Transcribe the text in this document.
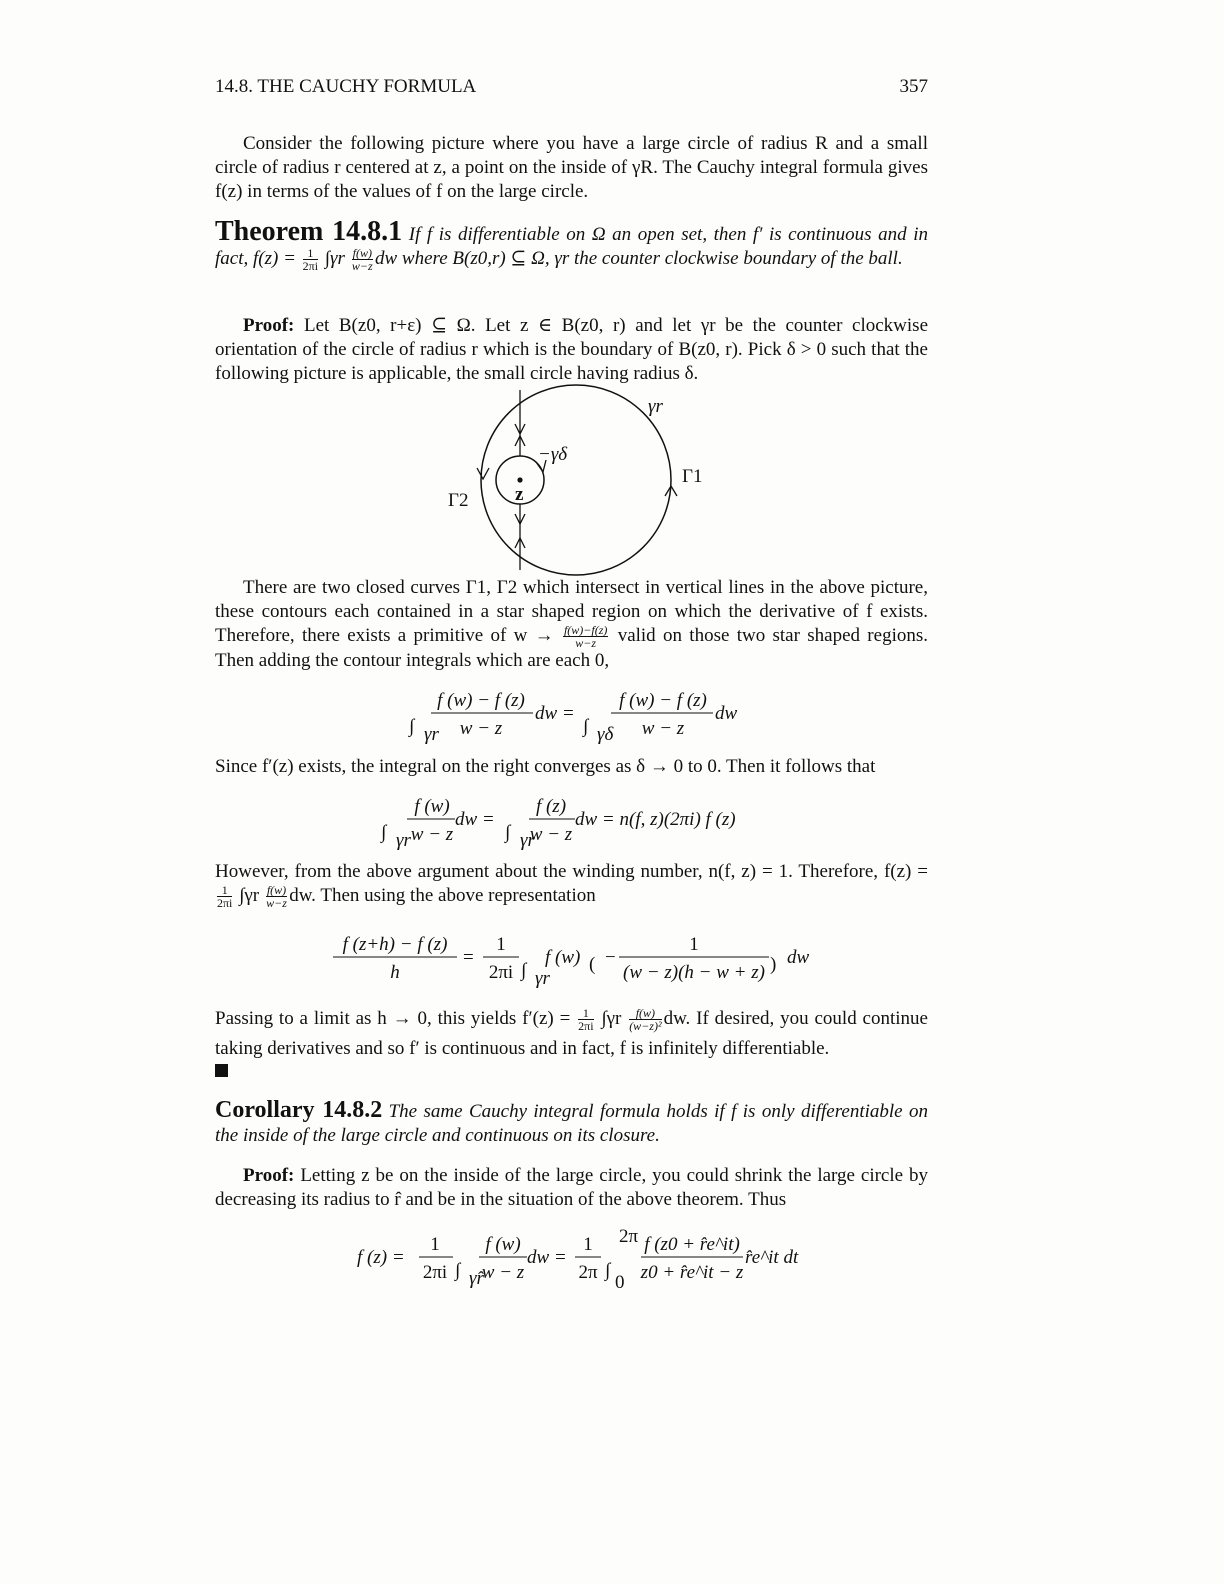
14.8. THE CAUCHY FORMULA	357

Consider the following picture where you have a large circle of radius R and a small circle of radius r centered at z, a point on the inside of γR. The Cauchy integral formula gives f(z) in terms of the values of f on the large circle.

Theorem 14.8.1 If f is differentiable on Ω an open set, then f′ is continuous and in fact, $f(z) = \frac{1}{2\pi i} \int\gamma r \frac{f(w)}{w-z}$ dw where B(z0,r) ⊆ Ω, γr the counter clockwise boundary of the ball.

Proof: Let B(z0, r+ε) ⊆ Ω. Let z ∈ B(z0, r) and let γr be the counter clockwise orientation of the circle of radius r which is the boundary of B(z0, r). Pick δ > 0 such that the following picture is applicable, the small circle having radius δ.

γr
−γδ
Γ1
Γ2 z

There are two closed curves Γ1, Γ2 which intersect in vertical lines in the above picture, these contours each contained in a star shaped region on which the derivative of f exists. Therefore, there exists a primitive of $w \to \frac{f(w)-f(z)}{w-z}$ valid on those two star shaped regions. Then adding the contour integrals which are each 0,

∫ γr
f (w) − f (z)
w − z
dw =
∫ γδ
f (w) − f (z)
w − z
dw

Since f′(z) exists, the integral on the right converges as δ → 0 to 0. Then it follows that

∫ γr
f (w)
w − z
dw =
∫ γr
f (z)
w − z
dw = n(f, z)(2πi) f (z)

However, from the above argument about the winding number, n(f, z) = 1. Therefore, f(z) =
$\frac{1}{2\pi i} \int\gamma r \frac{f(w)}{w-z}$ dw. Then using the above representation

f (z+h) − f (z)
h
=
1
2πi ∫ γr
f (w) ( −
1
(w − z)(h − w + z) ) dw

Passing to a limit as h → 0, this yields $f'(z) = \frac{1}{2\pi i} \int\gamma r \frac{f(w)}{\text{(w−z)²}}$ dw. If desired, you could continue taking derivatives and so f′ is continuous and in fact, f is infinitely differentiable.

Corollary 14.8.2 The same Cauchy integral formula holds if f is only differentiable on the inside of the large circle and continuous on its closure.

Proof: Letting z be on the inside of the large circle, you could shrink the large circle by decreasing its radius to r̂ and be in the situation of the above theorem. Thus

f (z) =
1
2πi ∫ γr̂
f (w)
w − z
dw =
1
2π ∫
2π
0
f (z0 + r̂e^it)
z0 + r̂e^it − z
r̂e^it dt
